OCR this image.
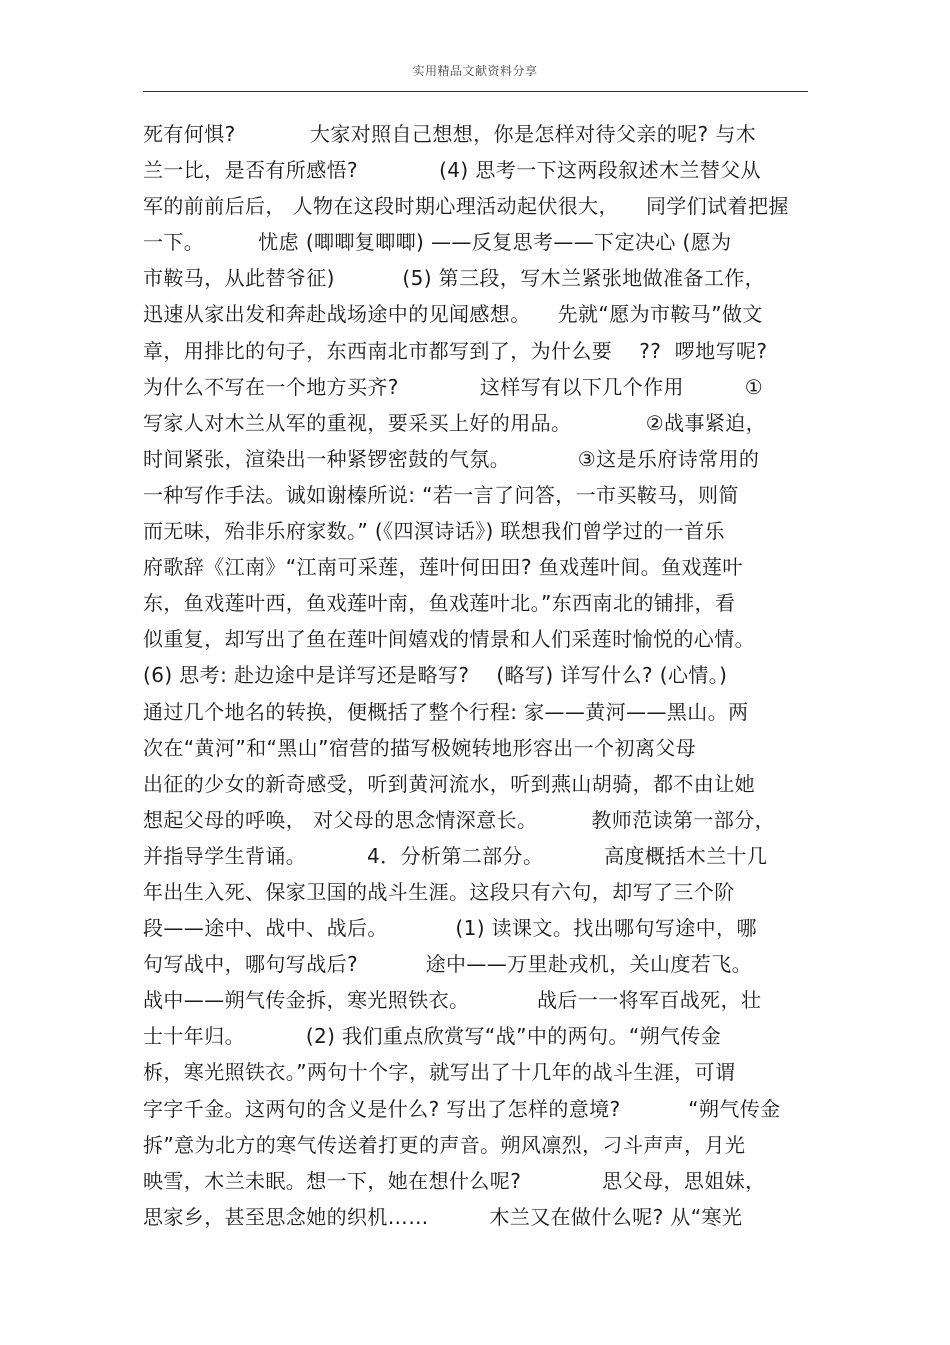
实用精品文献资料分享
死有何惧?           大家对照自己想想，你是怎样对待父亲的呢? 与木
兰一比，是否有所感悟?            (4) 思考一下这两段叙述木兰替父从
军的前前后后， 人物在这段时期心理活动起伏很大，    同学们试着把握
一下。        忧虑 (唧唧复唧唧) ——反复思考——下定决心 (愿为
市鞍马，从此替爷征)          (5) 第三段，写木兰紧张地做准备工作，
迅速从家出发和奔赴战场途中的见闻感想。    先就“愿为市鞍马”做文
章，用排比的句子，东西南北市都写到了，为什么要    ??  啰地写呢?
为什么不写在一个地方买齐?            这样写有以下几个作用         ①
写家人对木兰从军的重视，要采买上好的用品。           ②战事紧迫，
时间紧张，渲染出一种紧锣密鼓的气氛。          ③这是乐府诗常用的
一种写作手法。诚如谢榛所说: “若一言了问答，一市买鞍马，则简
而无味，殆非乐府家数。” (《四溟诗话》) 联想我们曾学过的一首乐
府歌辞《江南》“江南可采莲，莲叶何田田? 鱼戏莲叶间。鱼戏莲叶
东，鱼戏莲叶西，鱼戏莲叶南，鱼戏莲叶北。”东西南北的铺排，看
似重复，却写出了鱼在莲叶间嬉戏的情景和人们采莲时愉悦的心情。
(6) 思考: 赴边途中是详写还是略写?    (略写) 详写什么? (心情。)
通过几个地名的转换，便概括了整个行程: 家——黄河——黑山。两
次在“黄河”和“黑山”宿营的描写极婉转地形容出一个初离父母
出征的少女的新奇感受，听到黄河流水，听到燕山胡骑，都不由让她
想起父母的呼唤， 对父母的思念情深意长。        教师范读第一部分，
并指导学生背诵。         4．分析第二部分。         高度概括木兰十几
年出生入死、保家卫国的战斗生涯。这段只有六句，却写了三个阶
段——途中、战中、战后。          (1) 读课文。找出哪句写途中，哪
句写战中，哪句写战后?          途中——万里赴戎机，关山度若飞。
战中——朔气传金拆，寒光照铁衣。          战后一一将军百战死，壮
士十年归。         (2) 我们重点欣赏写“战”中的两句。“朔气传金
柝，寒光照铁衣。”两句十个字，就写出了十几年的战斗生涯，可谓
字字千金。这两句的含义是什么? 写出了怎样的意境?          “朔气传金
拆”意为北方的寒气传送着打更的声音。朔风凛烈，刁斗声声，月光
映雪，木兰未眠。想一下，她在想什么呢?            思父母，思姐妹，
思家乡，甚至思念她的织机……         木兰又在做什么呢? 从“寒光
